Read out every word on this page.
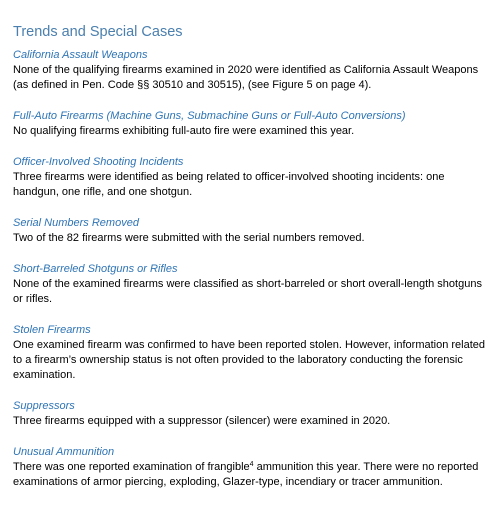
Trends and Special Cases

California Assault Weapons

None of the qualifying firearms examined in 2020 were identified as California Assault Weapons (as defined in Pen. Code §§ 30510 and 30515), (see Figure 5 on page 4).

Full-Auto Firearms (Machine Guns, Submachine Guns or Full-Auto Conversions)

No qualifying firearms exhibiting full-auto fire were examined this year.

Officer-Involved Shooting Incidents

Three firearms were identified as being related to officer-involved shooting incidents: one handgun, one rifle, and one shotgun.

Serial Numbers Removed

Two of the 82 firearms were submitted with the serial numbers removed.

Short-Barreled Shotguns or Rifles

None of the examined firearms were classified as short-barreled or short overall-length shotguns or rifles.

Stolen Firearms

One examined firearm was confirmed to have been reported stolen. However, information related to a firearm’s ownership status is not often provided to the laboratory conducting the forensic examination.

Suppressors

Three firearms equipped with a suppressor (silencer) were examined in 2020.

Unusual Ammunition

There was one reported examination of frangible$^4$ ammunition this year. There were no reported examinations of armor piercing, exploding, Glazer-type, incendiary or tracer ammunition.
